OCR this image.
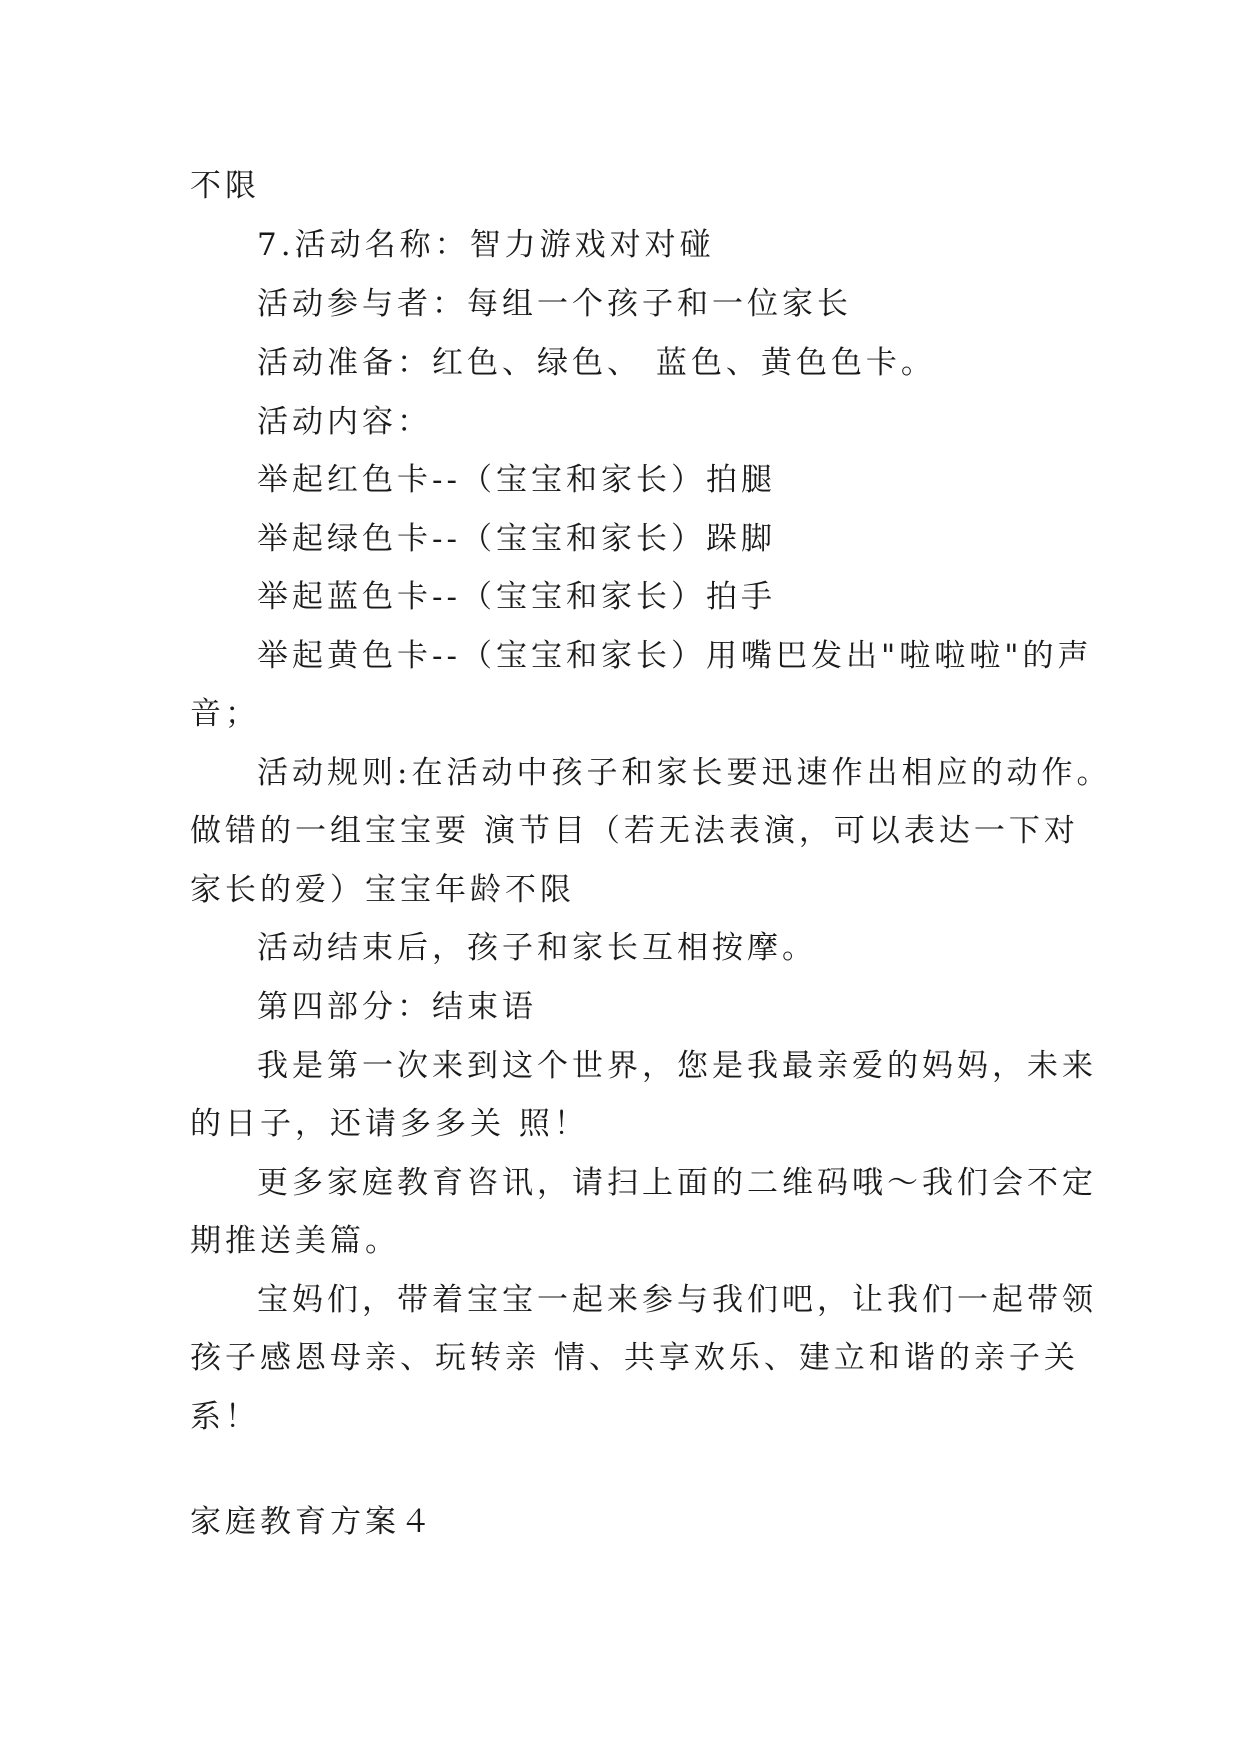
不限
7.活动名称：智力游戏对对碰
活动参与者：每组一个孩子和一位家长
活动准备：红色、绿色、 蓝色、黄色色卡。
活动内容：
举起红色卡--（宝宝和家长）拍腿
举起绿色卡--（宝宝和家长）跺脚
举起蓝色卡--（宝宝和家长）拍手
举起黄色卡--（宝宝和家长）用嘴巴发出"啦啦啦"的声
音；
活动规则:在活动中孩子和家长要迅速作出相应的动作。
做错的一组宝宝要 演节目（若无法表演，可以表达一下对
家长的爱）宝宝年龄不限
活动结束后，孩子和家长互相按摩。
第四部分：结束语
我是第一次来到这个世界，您是我最亲爱的妈妈，未来
的日子，还请多多关 照！
更多家庭教育咨讯，请扫上面的二维码哦～我们会不定
期推送美篇。
宝妈们，带着宝宝一起来参与我们吧，让我们一起带领
孩子感恩母亲、玩转亲 情、共享欢乐、建立和谐的亲子关
系！
家庭教育方案４
